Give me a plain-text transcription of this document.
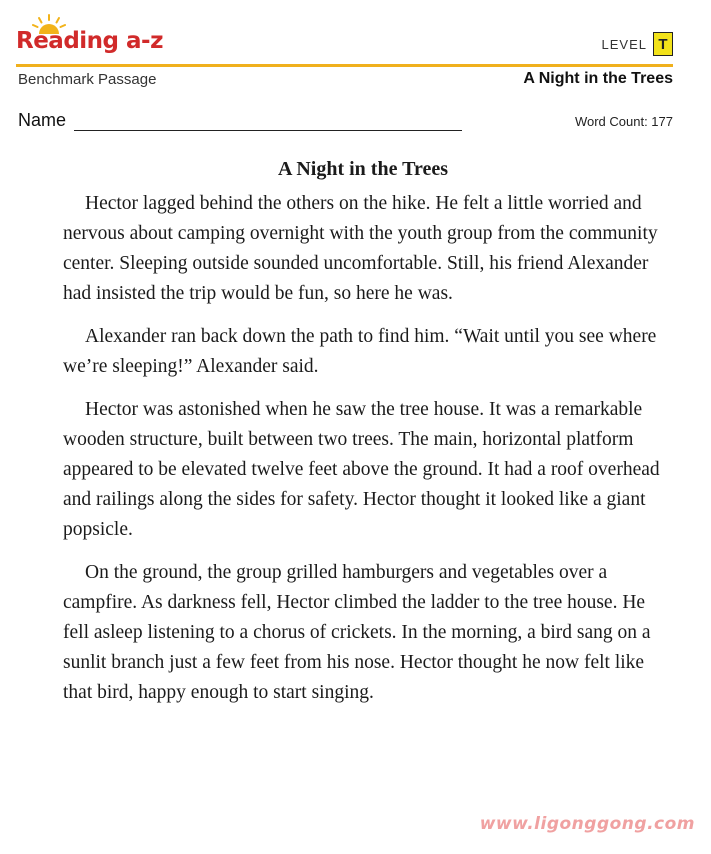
Reading a-z	LEVEL T
Benchmark Passage	A Night in the Trees
Name	Word Count: 177
A Night in the Trees

Hector lagged behind the others on the hike. He felt a little worried and nervous about camping overnight with the youth group from the community center. Sleeping outside sounded uncomfortable. Still, his friend Alexander had insisted the trip would be fun, so here he was.

Alexander ran back down the path to find him. “Wait until you see where we’re sleeping!” Alexander said.

Hector was astonished when he saw the tree house. It was a remarkable wooden structure, built between two trees. The main, horizontal platform appeared to be elevated twelve feet above the ground. It had a roof overhead and railings along the sides for safety. Hector thought it looked like a giant popsicle.

On the ground, the group grilled hamburgers and vegetables over a campfire. As darkness fell, Hector climbed the ladder to the tree house. He fell asleep listening to a chorus of crickets. In the morning, a bird sang on a sunlit branch just a few feet from his nose. Hector thought he now felt like that bird, happy enough to start singing.

www.ligonggong.com
